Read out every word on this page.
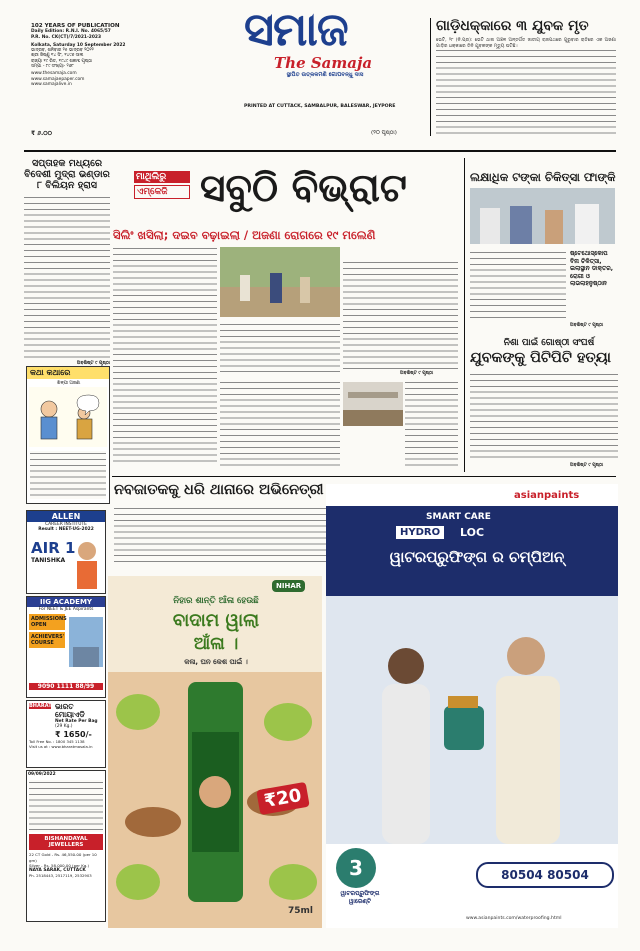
102 YEARS OF PUBLICATION
Daily Edition: R.N.I. No. 4065/57
P.R. No. CK(CT)/7/2021-2023
Kolkata, Saturday 10 September 2022
ଭାଦ୍ରବ, ଶନିବାର ୨୫ ଭାଦ୍ରବ ୨୦୨୨
ଶ୍ରୀ ଜିଷ୍ଣୁ ୧୪ ସିଂ, ୧୪୯୬ ସାଲ
ରାଜ୍ୟା ୧୯ ରିତ, ୧୯୪୯ ଶକାବ୍ଦ ପୃଷ୍ଠା
ସମ୍ପା - ୮୯ ସଂଖ୍ୟା- ୨୬୮
www.thesamaja.com
www.samajaepaper.com
www.samajalive.in
₹ ୬.୦୦	(୨୦ ପୃଷ୍ଠା)
ସମାଜ
The Samaja
ସ୍ଥାପିତ ଉତ୍କଳମଣି ଗୋପବନ୍ଧୁ ଦାସ
PRINTED AT CUTTACK, SAMBALPUR, BALESWAR, JEYPORE
ଗାଡ଼ିଧକ୍କାରେ ୩ ଯୁବକ ମୃତ
ଭେଟି, ୨୮ (ନି.ପ୍ର): ଭେଟି ଥାନା ଅଞ୍ଚଳ ଅନ୍ତର୍ଗତ ଜାତୀୟ ରାଜପଥରେ ଗୁରୁବାର ରାତିରେ ଏକ ଅଜଣା ଗାଡ଼ିର ଧକ୍କାରେ ତିନି ଯୁବକଙ୍କ ମୃତ୍ୟୁ ଘଟିଛି।
ସପ୍ତାହକ ମଧ୍ୟରେ ବିଦେଶୀ ମୁଦ୍ରା ଭଣ୍ଡାର ୮ ବିଲିୟନ ହ୍ରାସ
ଅବଶିଷ୍ଟ ୯ ପୃଷ୍ଠା
କଥା କଥାରେ
ଶିଳ୍ପୀ ଅଜଣା
ମାଥିଲିରୁ
ଏମ୍‌କେଜି ସବୁଠି ବିଭ୍ରାଟ
ସିଲିଂ ଖସିଲା; ଦଇବ ବଢ଼ାଇଲା / ଅଜଣା ରୋଗରେ ୧୯ ମଲେଣି
ଅବଶିଷ୍ଟ ୯ ପୃଷ୍ଠା
ଲକ୍ଷାଧିକ ଟଙ୍କା ଚିକିତ୍ସା ଫାଙ୍କି
ଷ୍ଟେଥୋସ୍କୋପ ବିନା ଚିକିତ୍ସା, ଇଲାସ୍ଥାନ ଡାକ୍ତର, ରୋଗୀ ଓ ଲାଭଲାହନୁଷ୍ଠାନ
ଅବଶିଷ୍ଟ ୯ ପୃଷ୍ଠା
ନିଶା ପାଇଁ ଗୋଷ୍ଠୀ ସଂଘର୍ଷ
ଯୁବକଙ୍କୁ ପିଟିପିଟି ହତ୍ୟା
ଅବଶିଷ୍ଟ ୯ ପୃଷ୍ଠା
ନବଜାତକକୁ ଧରି ଥାନାରେ ଅଭିନେତ୍ରୀ
ALLEN
CAREER INSTITUTE
Result : NEET-UG-2022
AIR 1
TANISHKA
IIG ACADEMY
For NEET & JEE Aspirants
ADMISSIONS OPEN
ACHIEVERS' COURSE
9090 1111 88/99
BHARAT ଭାରତ ମୋୟାଏଡି
Net Rate Per Bag
(29 Kg.)
₹ 1650/-
Toll Free No. : 1800 345 1138
Visit us at : www.bharatmasala.in
09/09/2022
BISHANDAYAL JEWELLERS
22 CT Gold - Rs. 46,550.00 (per 10 gm)
Silver - Rs. 58,000.00 (per Kg.)
NAYA SARAK, CUTTACK
Ph. 2518443, 2517119, 2532903
NIHAR
ନିହାର ଶାନ୍ତି ଆଁଳା ହେଉଛି
ବାଦାମ ୱାଲା
ଆଁଳା ।
କଳା, ଘନ କେଶ ପାଇଁ ।
₹20
75ml
asianpaints
SMART CARE
HYDRO	LOC
ୱାଟରପ୍ରୁଫିଙ୍ଗ ର ଚମ୍ପିଅନ୍
3
ୱାଟରପ୍ରୁଫିଙ୍ଗ ୱାରେଣ୍ଟି
80504 80504
www.asianpaints.com/waterproofing.html
